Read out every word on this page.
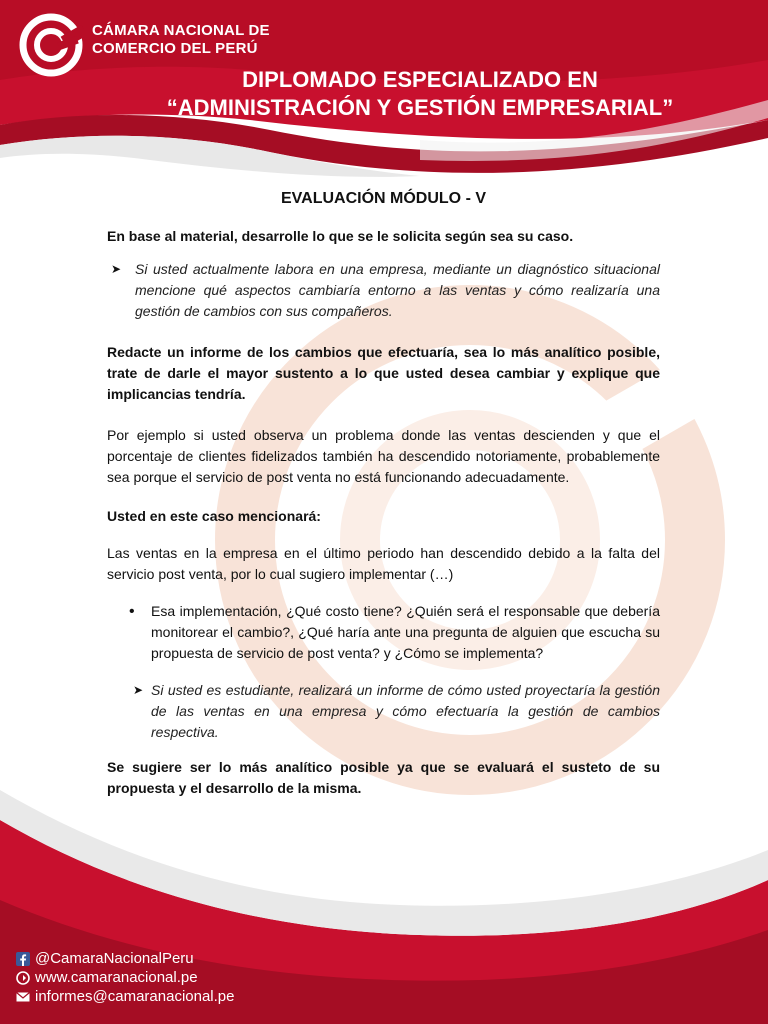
CÁMARA NACIONAL DE
COMERCIO DEL PERÚ
DIPLOMADO ESPECIALIZADO EN
“ADMINISTRACIÓN Y GESTIÓN EMPRESARIAL”
EVALUACIÓN MÓDULO - V

En base al material, desarrolle lo que se le solicita según sea su caso.

➤ Si usted actualmente labora en una empresa, mediante un diagnóstico situacional mencione qué aspectos cambiaría entorno a las ventas y cómo realizaría una gestión de cambios con sus compañeros.

Redacte un informe de los cambios que efectuaría, sea lo más analítico posible, trate de darle el mayor sustento a lo que usted desea cambiar y explique que implicancias tendría.

Por ejemplo si usted observa un problema donde las ventas descienden y que el porcentaje de clientes fidelizados también ha descendido notoriamente, probablemente sea porque el servicio de post venta no está funcionando adecuadamente.

Usted en este caso mencionará:

Las ventas en la empresa en el último periodo han descendido debido a la falta del servicio post venta, por lo cual sugiero implementar (…)

•	Esa implementación, ¿Qué costo tiene? ¿Quién será el responsable que debería monitorear el cambio?, ¿Qué haría ante una pregunta de alguien que escucha su propuesta de servicio de post venta? y ¿Cómo se implementa?

➤ Si usted es estudiante, realizará un informe de cómo usted proyectaría la gestión de las ventas en una empresa y cómo efectuaría la gestión de cambios respectiva.

Se sugiere ser lo más analítico posible ya que se evaluará el susteto de su propuesta y el desarrollo de la misma.

@CamaraNacionalPeru
www.camaranacional.pe
informes@camaranacional.pe
